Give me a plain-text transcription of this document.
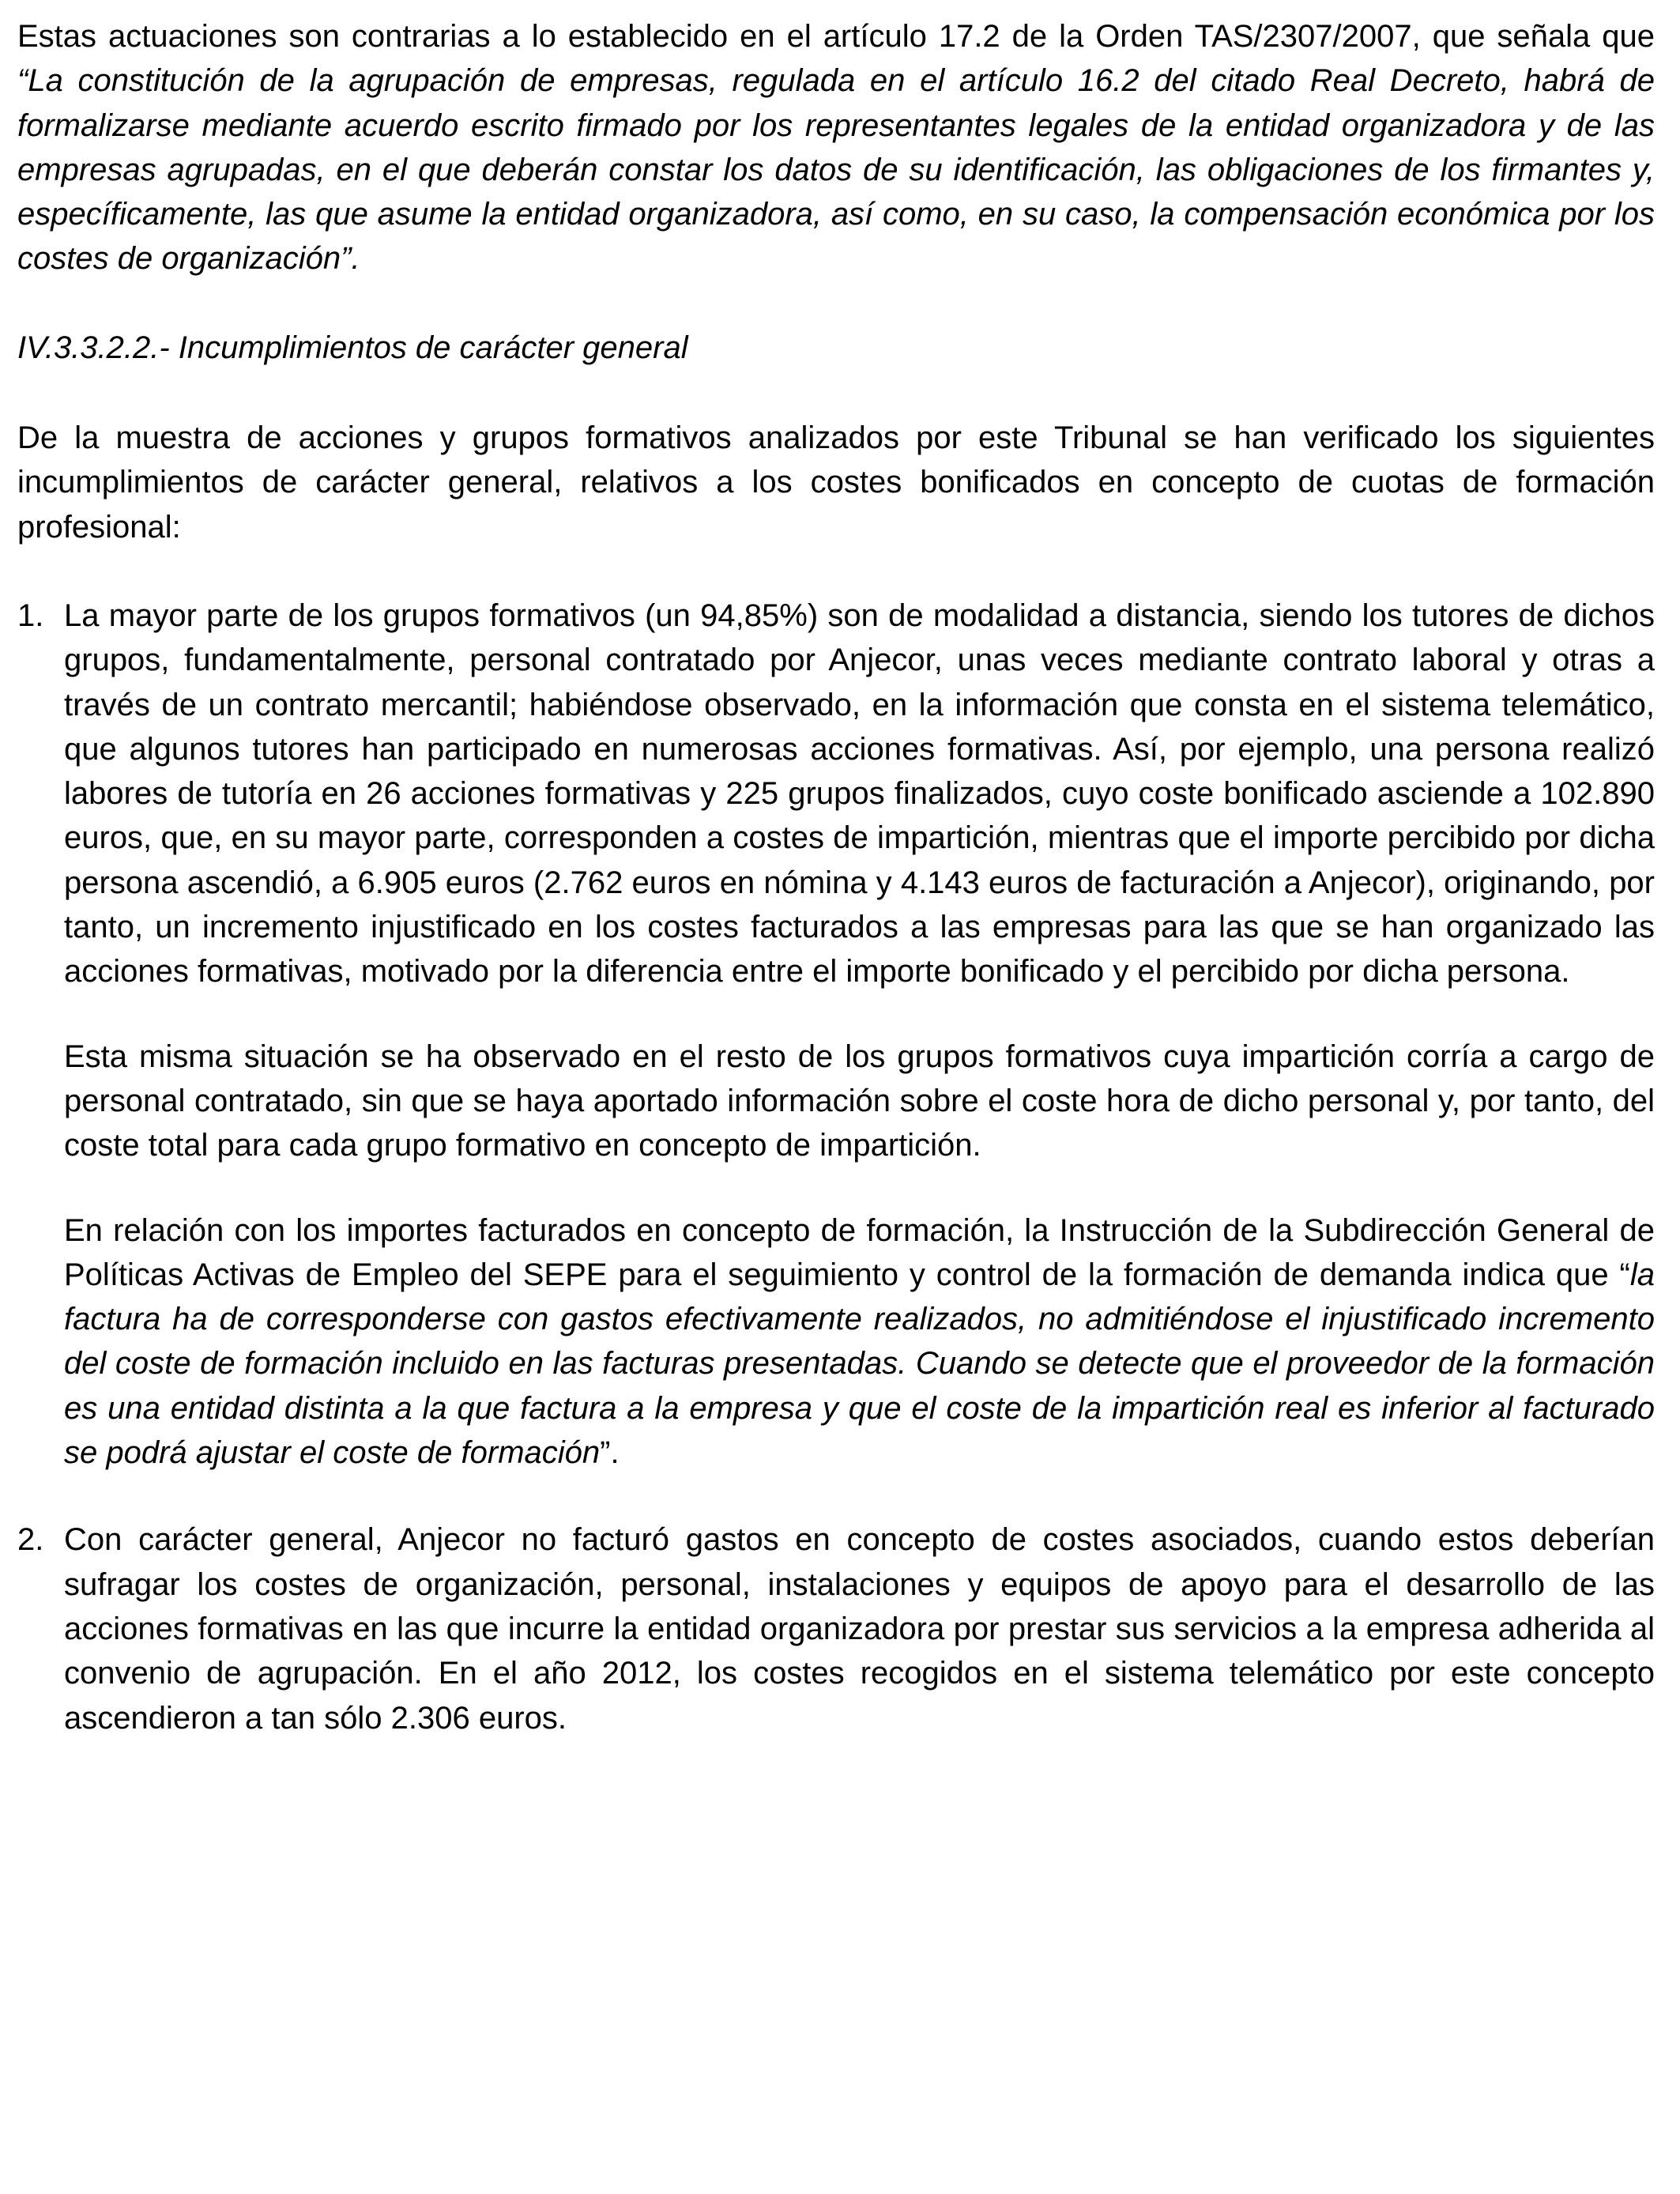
Estas actuaciones son contrarias a lo establecido en el artículo 17.2 de la Orden TAS/2307/2007, que señala que “La constitución de la agrupación de empresas, regulada en el artículo 16.2 del citado Real Decreto, habrá de formalizarse mediante acuerdo escrito firmado por los representantes legales de la entidad organizadora y de las empresas agrupadas, en el que deberán constar los datos de su identificación, las obligaciones de los firmantes y, específicamente, las que asume la entidad organizadora, así como, en su caso, la compensación económica por los costes de organización”.

IV.3.3.2.2.- Incumplimientos de carácter general

De la muestra de acciones y grupos formativos analizados por este Tribunal se han verificado los siguientes incumplimientos de carácter general, relativos a los costes bonificados en concepto de cuotas de formación profesional:

1. La mayor parte de los grupos formativos (un 94,85%) son de modalidad a distancia, siendo los tutores de dichos grupos, fundamentalmente, personal contratado por Anjecor, unas veces mediante contrato laboral y otras a través de un contrato mercantil; habiéndose observado, en la información que consta en el sistema telemático, que algunos tutores han participado en numerosas acciones formativas. Así, por ejemplo, una persona realizó labores de tutoría en 26 acciones formativas y 225 grupos finalizados, cuyo coste bonificado asciende a 102.890 euros, que, en su mayor parte, corresponden a costes de impartición, mientras que el importe percibido por dicha persona ascendió, a 6.905 euros (2.762 euros en nómina y 4.143 euros de facturación a Anjecor), originando, por tanto, un incremento injustificado en los costes facturados a las empresas para las que se han organizado las acciones formativas, motivado por la diferencia entre el importe bonificado y el percibido por dicha persona.

Esta misma situación se ha observado en el resto de los grupos formativos cuya impartición corría a cargo de personal contratado, sin que se haya aportado información sobre el coste hora de dicho personal y, por tanto, del coste total para cada grupo formativo en concepto de impartición.

En relación con los importes facturados en concepto de formación, la Instrucción de la Subdirección General de Políticas Activas de Empleo del SEPE para el seguimiento y control de la formación de demanda indica que “la factura ha de corresponderse con gastos efectivamente realizados, no admitiéndose el injustificado incremento del coste de formación incluido en las facturas presentadas. Cuando se detecte que el proveedor de la formación es una entidad distinta a la que factura a la empresa y que el coste de la impartición real es inferior al facturado se podrá ajustar el coste de formación”.

2. Con carácter general, Anjecor no facturó gastos en concepto de costes asociados, cuando estos deberían sufragar los costes de organización, personal, instalaciones y equipos de apoyo para el desarrollo de las acciones formativas en las que incurre la entidad organizadora por prestar sus servicios a la empresa adherida al convenio de agrupación. En el año 2012, los costes recogidos en el sistema telemático por este concepto ascendieron a tan sólo 2.306 euros.
